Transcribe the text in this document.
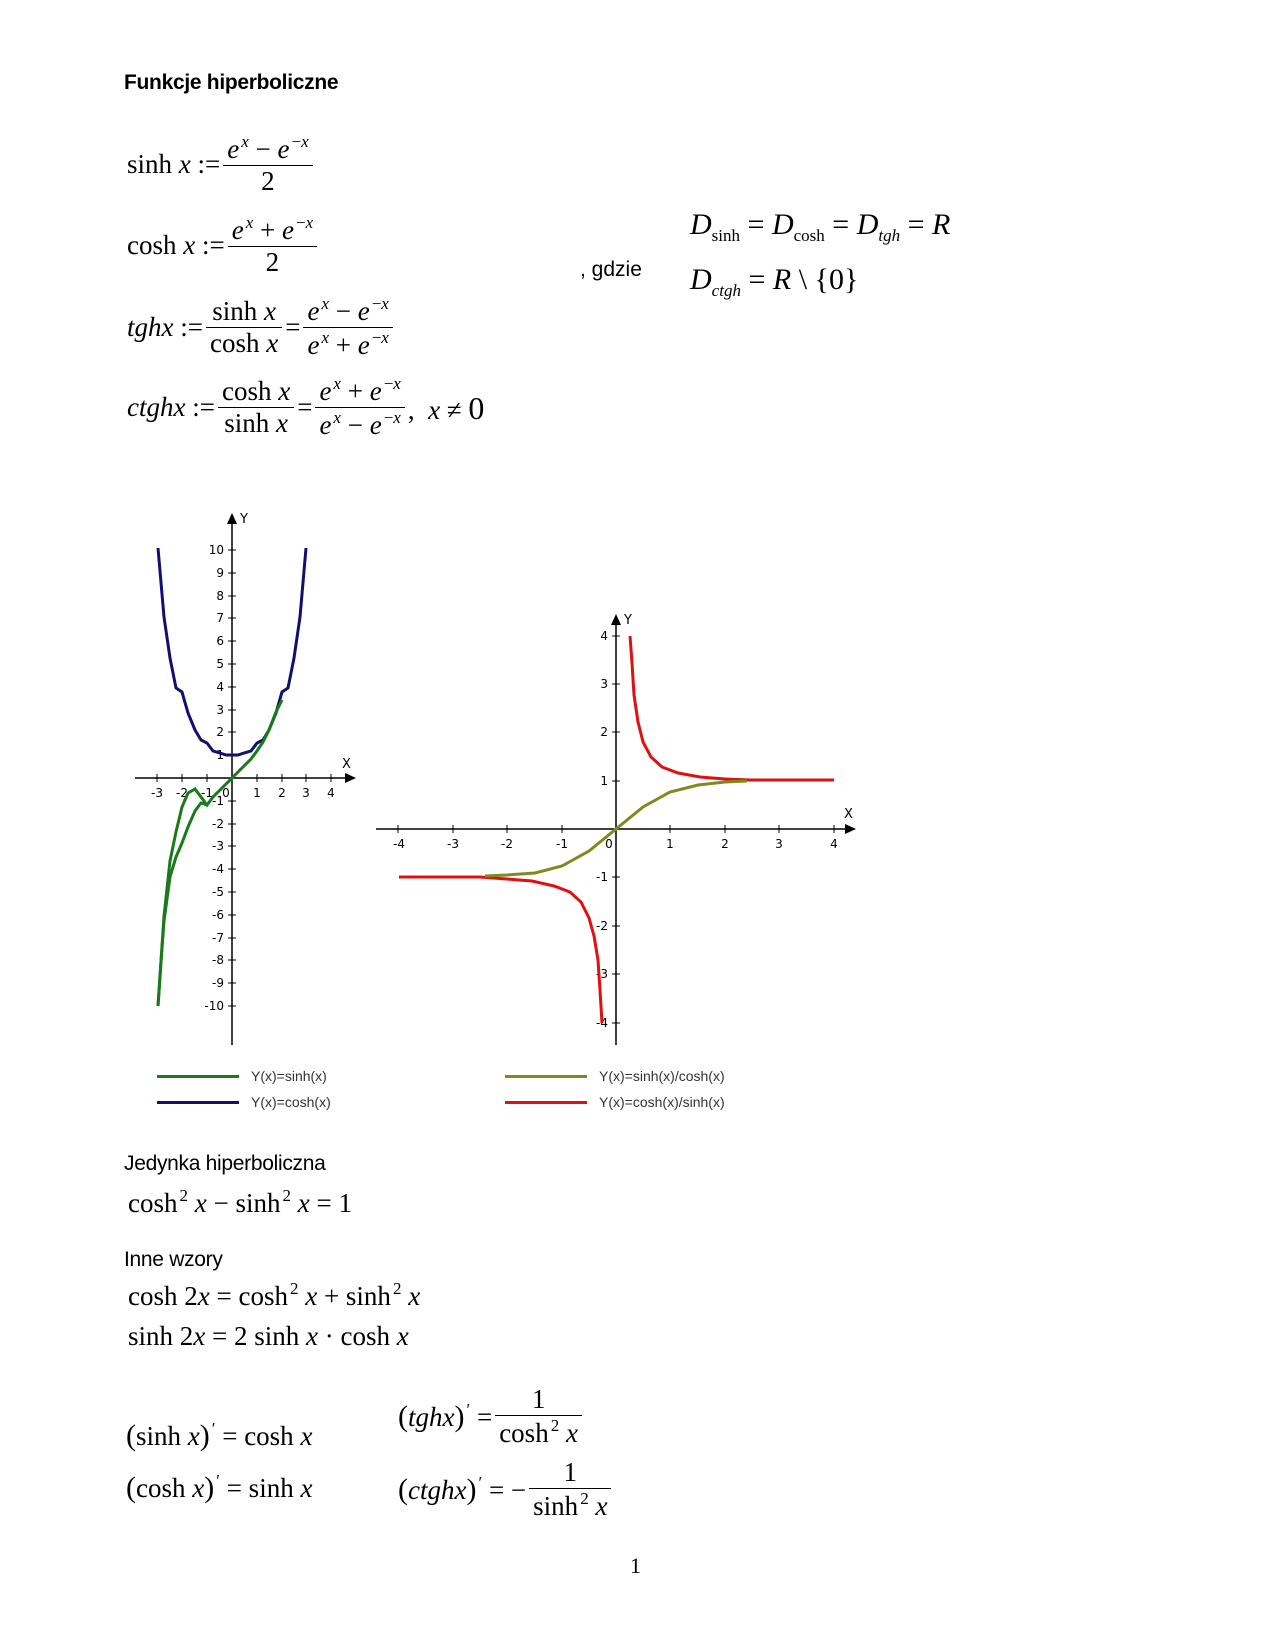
Funkcje hiperboliczne
sinh x := $\frac{e ^x - e ^{-x}}{2}$
cosh x := $\frac{e ^x + e ^{-x}}{2}$
tghx := $\frac{\text{sinh x}}{\text{cosh x}} = \frac{e ^x - e ^{-x}}{e ^x + e ^{-x}}$
ctghx := $\frac{\text{cosh x}}{\text{sinh x}} = \frac{e ^x + e ^{-x}}{e ^x - e ^{-x}}$ ,  x ≠ 0
, gdzie
$D_{sinh} = D_{cosh} = D_{tgh} = R$
$D_{ctgh} = R$ \ {0}
Y
X
-3 -2 -1 0 1 2 3 4
10
9
8
7
6
5
4
3
2
1
-1
-2
-3
-4
-5
-6
-7
-8
-9
-10
Y
X
-4	-3	-2	-1	0	1	2	3	4
4
3
2
1
-1
-2
-3
-4
Y(x)=sinh(x)
Y(x)=cosh(x)
Y(x)=sinh(x)/cosh(x)
Y(x)=cosh(x)/sinh(x)
Jedynka hiperboliczna
cosh $^2$ x − sinh $^2$ x = 1
Inne wzory
cosh 2x = cosh $^2$ x + sinh $^2$ x
sinh 2x = 2 sinh x · cosh x
(sinh x) ′ = cosh x
(cosh x) ′ = sinh x
(tghx) $' = \frac{1}{\cosh ^2 x}$
(ctghx) ′ = − $\frac{1}{\sinh ^2 x}$
1
